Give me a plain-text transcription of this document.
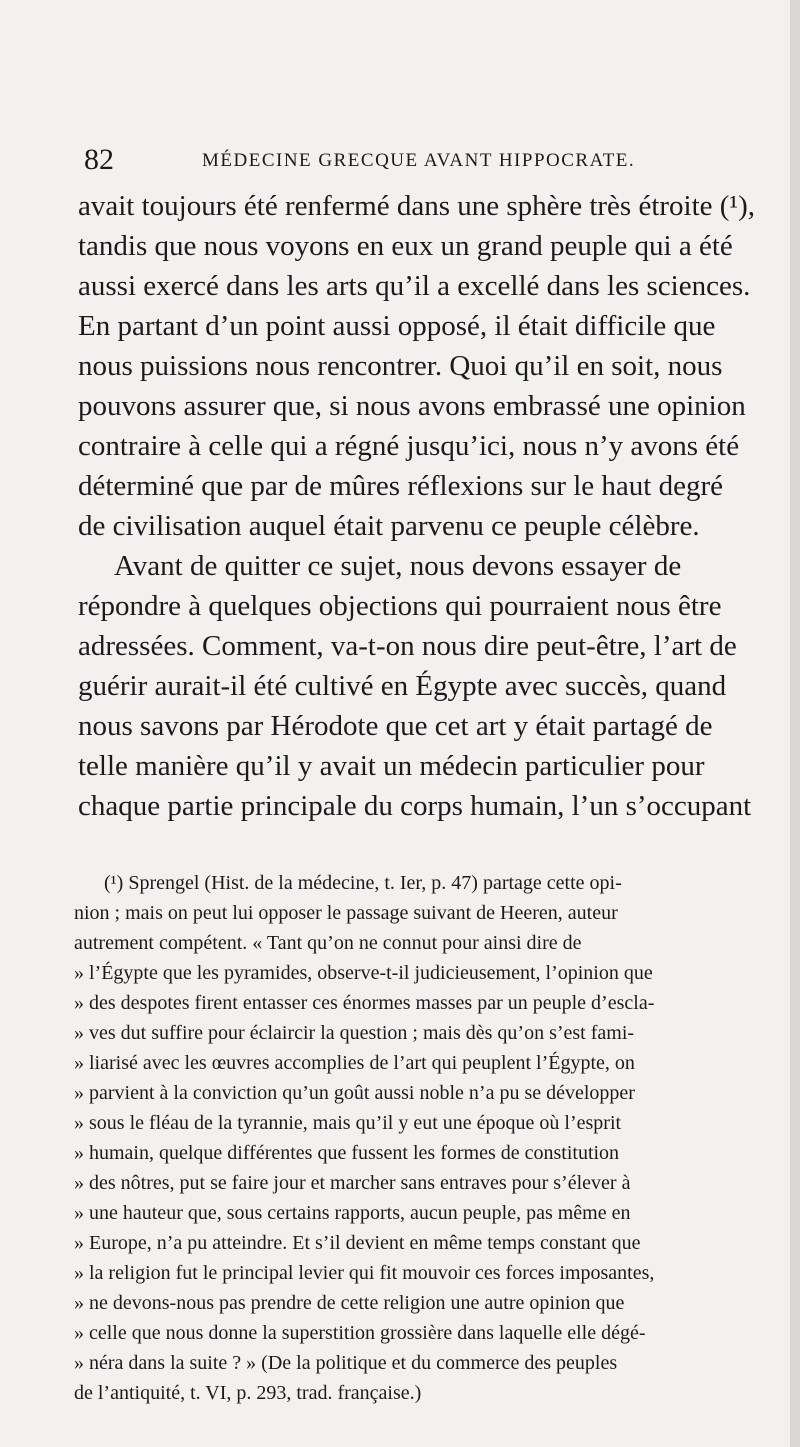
82	MÉDECINE GRECQUE AVANT HIPPOCRATE.
avait toujours été renfermé dans une sphère très étroite (¹),
tandis que nous voyons en eux un grand peuple qui a été
aussi exercé dans les arts qu’il a excellé dans les sciences.
En partant d’un point aussi opposé, il était difficile que
nous puissions nous rencontrer. Quoi qu’il en soit, nous
pouvons assurer que, si nous avons embrassé une opinion
contraire à celle qui a régné jusqu’ici, nous n’y avons été
déterminé que par de mûres réflexions sur le haut degré
de civilisation auquel était parvenu ce peuple célèbre.
Avant de quitter ce sujet, nous devons essayer de
répondre à quelques objections qui pourraient nous être
adressées. Comment, va-t-on nous dire peut-être, l’art de
guérir aurait-il été cultivé en Égypte avec succès, quand
nous savons par Hérodote que cet art y était partagé de
telle manière qu’il y avait un médecin particulier pour
chaque partie principale du corps humain, l’un s’occupant
(¹) Sprengel (Hist. de la médecine, t. Ier, p. 47) partage cette opi-
nion ; mais on peut lui opposer le passage suivant de Heeren, auteur
autrement compétent. « Tant qu’on ne connut pour ainsi dire de
» l’Égypte que les pyramides, observe-t-il judicieusement, l’opinion que
» des despotes firent entasser ces énormes masses par un peuple d’escla-
» ves dut suffire pour éclaircir la question ; mais dès qu’on s’est fami-
» liarisé avec les œuvres accomplies de l’art qui peuplent l’Égypte, on
» parvient à la conviction qu’un goût aussi noble n’a pu se développer
» sous le fléau de la tyrannie, mais qu’il y eut une époque où l’esprit
» humain, quelque différentes que fussent les formes de constitution
» des nôtres, put se faire jour et marcher sans entraves pour s’élever à
» une hauteur que, sous certains rapports, aucun peuple, pas même en
» Europe, n’a pu atteindre. Et s’il devient en même temps constant que
» la religion fut le principal levier qui fit mouvoir ces forces imposantes,
» ne devons-nous pas prendre de cette religion une autre opinion que
» celle que nous donne la superstition grossière dans laquelle elle dégé-
» néra dans la suite ? » (De la politique et du commerce des peuples
de l’antiquité, t. VI, p. 293, trad. française.)
